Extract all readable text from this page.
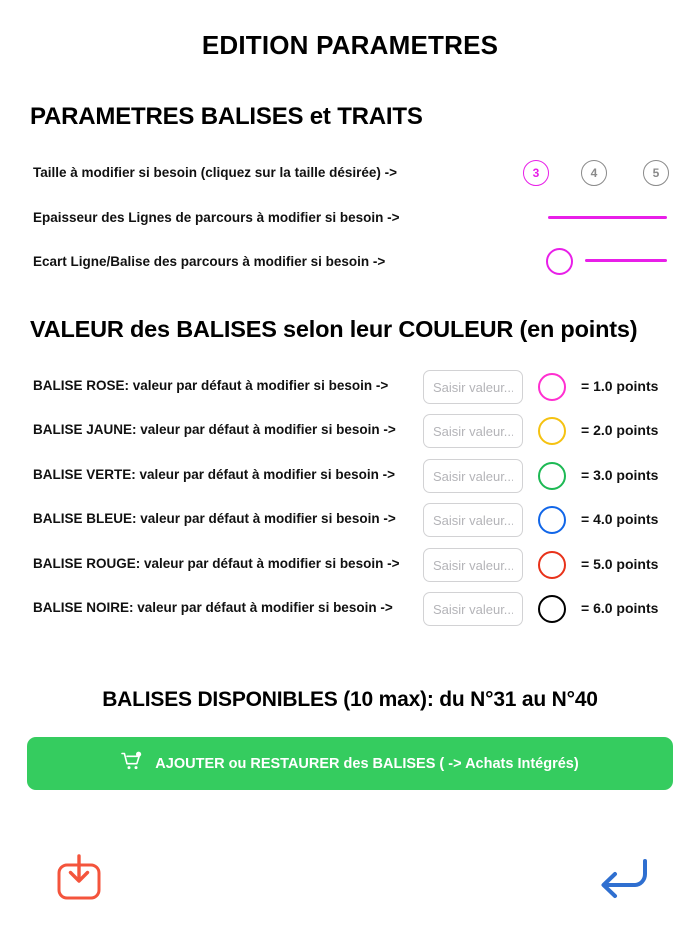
EDITION PARAMETRES
PARAMETRES BALISES et TRAITS
Taille à modifier si besoin (cliquez sur la taille désirée) ->	3	4	5
Epaisseur des Lignes de parcours à modifier si besoin ->
Ecart Ligne/Balise des parcours à modifier si besoin ->
VALEUR des BALISES selon leur COULEUR (en points)
BALISE ROSE: valeur par défaut à modifier si besoin ->
Saisir valeur...	= 1.0 points
BALISE JAUNE: valeur par défaut à modifier si besoin ->
Saisir valeur...	= 2.0 points
BALISE VERTE: valeur par défaut à modifier si besoin ->
Saisir valeur...	= 3.0 points
BALISE BLEUE: valeur par défaut à modifier si besoin ->
Saisir valeur...	= 4.0 points
BALISE ROUGE: valeur par défaut à modifier si besoin ->
Saisir valeur...	= 5.0 points
BALISE NOIRE: valeur par défaut à modifier si besoin ->
Saisir valeur...	= 6.0 points
BALISES DISPONIBLES (10 max): du N°31 au N°40
AJOUTER ou RESTAURER des BALISES ( -> Achats Intégrés)
